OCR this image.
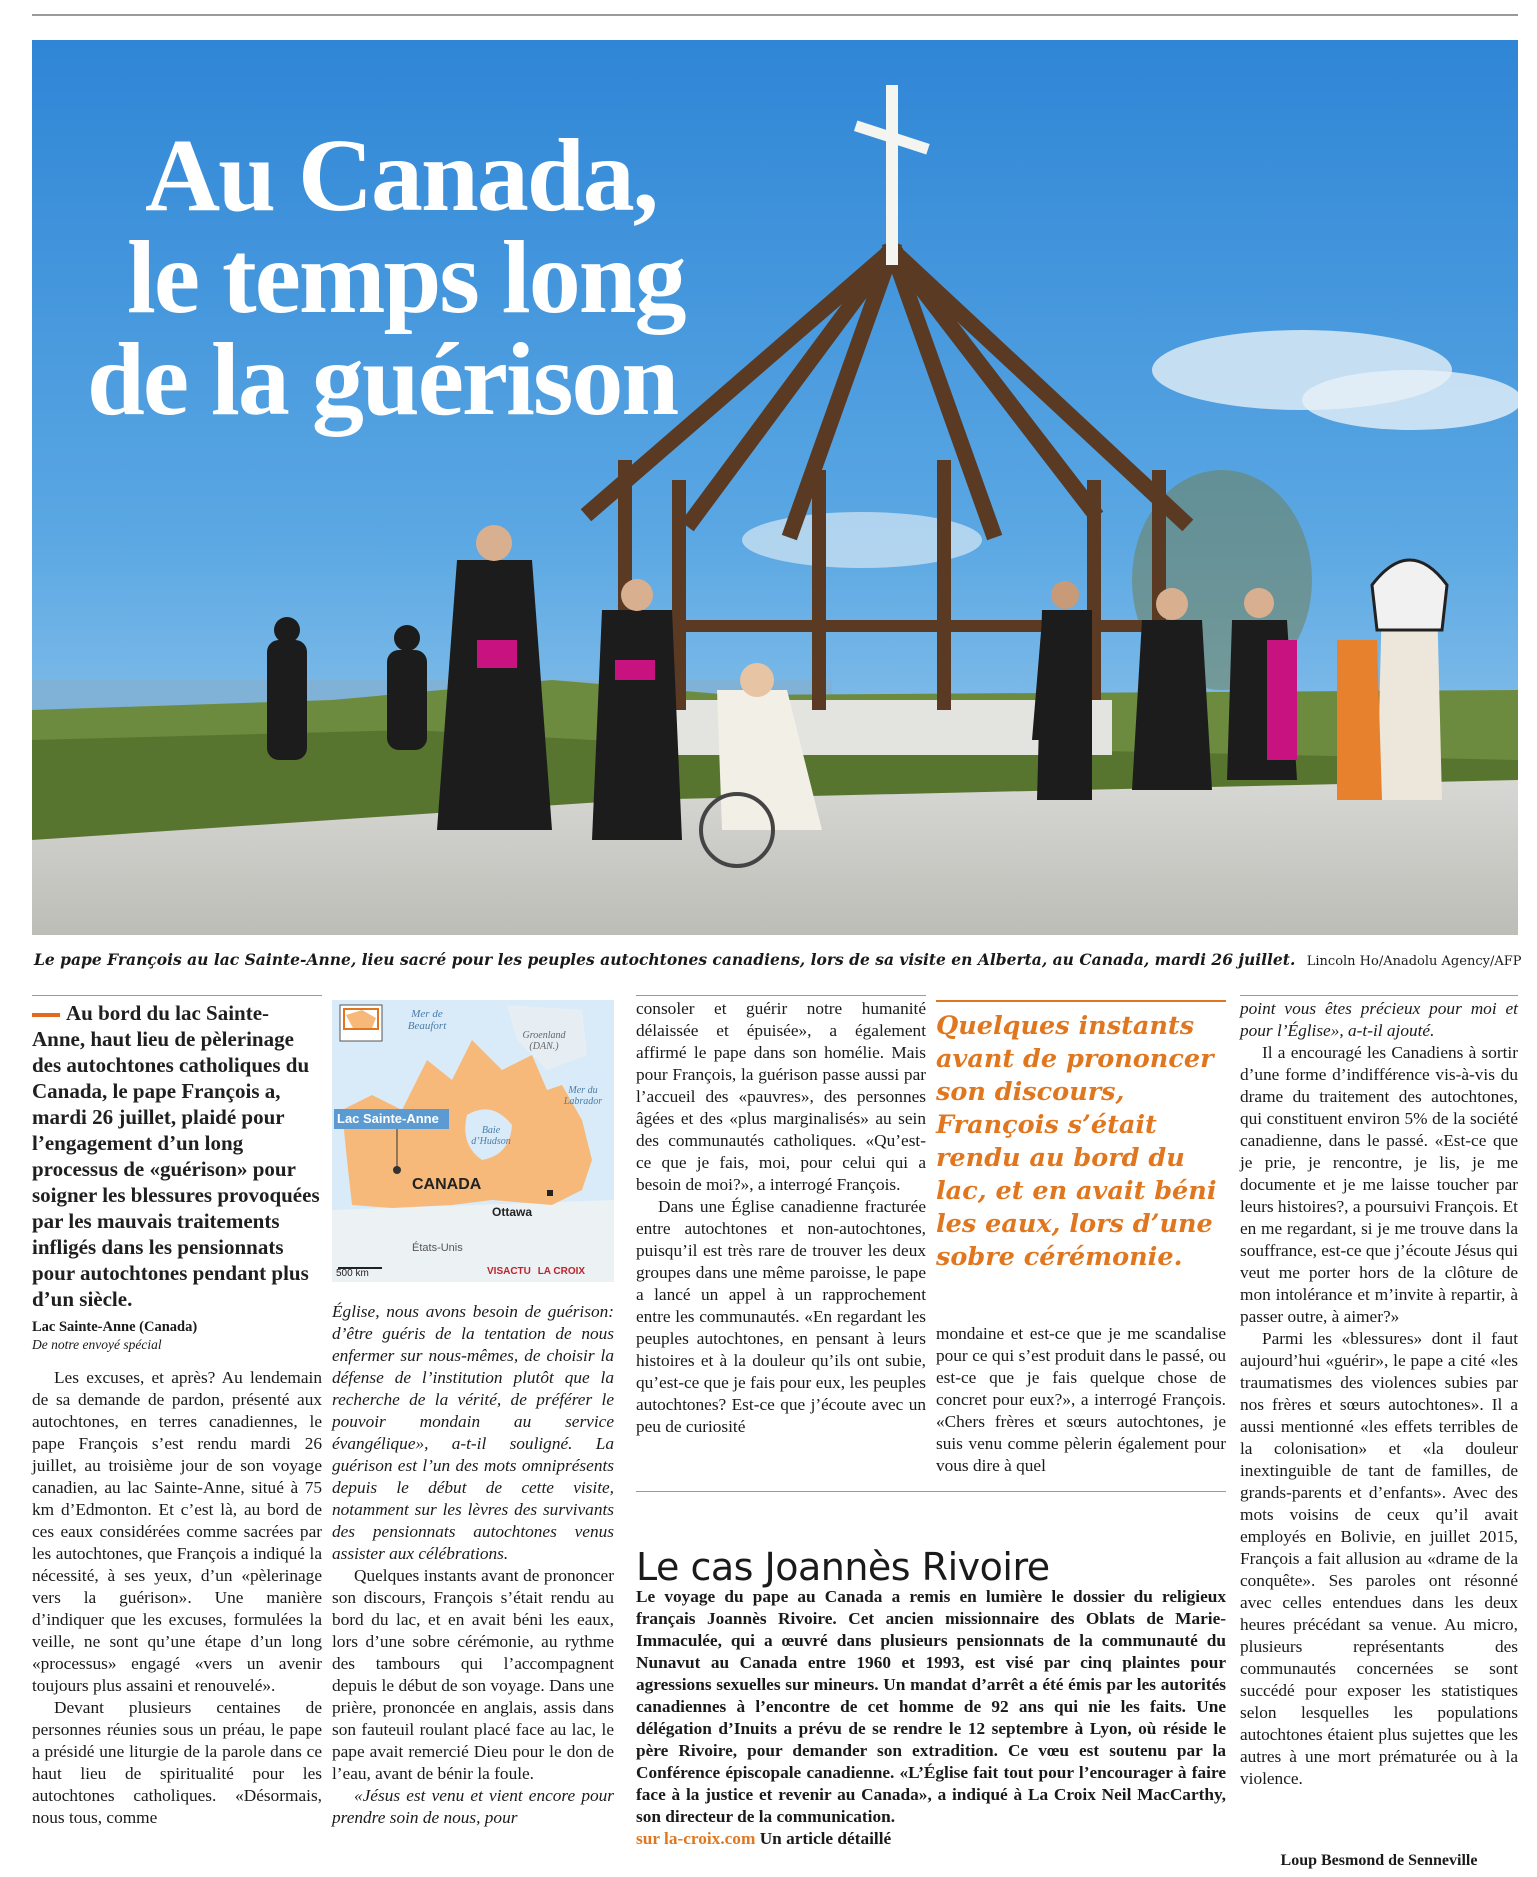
Au Canada,
le temps long
de la guérison
Le pape François au lac Sainte-Anne, lieu sacré pour les peuples autochtones canadiens, lors de sa visite en Alberta, au Canada, mardi 26 juillet. Lincoln Ho/Anadolu Agency/AFP
Au bord du lac Sainte-Anne, haut lieu de pèlerinage des autochtones catholiques du Canada, le pape François a, mardi 26 juillet, plaidé pour l’engagement d’un long processus de «guérison» pour soigner les blessures provoquées par les mauvais traitements infligés dans les pensionnats pour autochtones pendant plus d’un siècle.
Lac Sainte-Anne (Canada)
De notre envoyé spécial
Lac Sainte-Anne
CANADA
Ottawa
Mer de Beaufort
Groenland (DAN.)
Mer du Labrador
Baie d’Hudson
États-Unis
500 km	VISACTU LA CROIX

Les excuses, et après? Au lendemain de sa demande de pardon, présenté aux autochtones, en terres canadiennes, le pape François s’est rendu mardi 26 juillet, au troisième jour de son voyage canadien, au lac Sainte-Anne, situé à 75 km d’Edmonton. Et c’est là, au bord de ces eaux considérées comme sacrées par les autochtones, que François a indiqué la nécessité, à ses yeux, d’un «pèlerinage vers la guérison». Une manière d’indiquer que les excuses, formulées la veille, ne sont qu’une étape d’un long «processus» engagé «vers un avenir toujours plus assaini et renouvelé».

Devant plusieurs centaines de personnes réunies sous un préau, le pape a présidé une liturgie de la parole dans ce haut lieu de spiritualité pour les autochtones catholiques. «Désormais, nous tous, comme

Église, nous avons besoin de guérison: d’être guéris de la tentation de nous enfermer sur nous-mêmes, de choisir la défense de l’institution plutôt que la recherche de la vérité, de préférer le pouvoir mondain au service évangélique», a-t-il souligné. La guérison est l’un des mots omniprésents depuis le début de cette visite, notamment sur les lèvres des survivants des pensionnats autochtones venus assister aux célébrations.

Quelques instants avant de prononcer son discours, François s’était rendu au bord du lac, et en avait béni les eaux, lors d’une sobre cérémonie, au rythme des tambours qui l’accompagnent depuis le début de son voyage. Dans une prière, prononcée en anglais, assis dans son fauteuil roulant placé face au lac, le pape avait remercié Dieu pour le don de l’eau, avant de bénir la foule.

«Jésus est venu et vient encore pour prendre soin de nous, pour

consoler et guérir notre humanité délaissée et épuisée», a également affirmé le pape dans son homélie. Mais pour François, la guérison passe aussi par l’accueil des «pauvres», des personnes âgées et des «plus marginalisés» au sein des communautés catholiques. «Qu’est-ce que je fais, moi, pour celui qui a besoin de moi?», a interrogé François.

Dans une Église canadienne fracturée entre autochtones et non-autochtones, puisqu’il est très rare de trouver les deux groupes dans une même paroisse, le pape a lancé un appel à un rapprochement entre les communautés. «En regardant les peuples autochtones, en pensant à leurs histoires et à la douleur qu’ils ont subie, qu’est-ce que je fais pour eux, les peuples autochtones? Est-ce que j’écoute avec un peu de curiosité

Quelques instants avant de prononcer son discours, François s’était rendu au bord du lac, et en avait béni les eaux, lors d’une sobre cérémonie.

mondaine et est-ce que je me scandalise pour ce qui s’est produit dans le passé, ou est-ce que je fais quelque chose de concret pour eux?», a interrogé François. «Chers frères et sœurs autochtones, je suis venu comme pèlerin également pour vous dire à quel

point vous êtes précieux pour moi et pour l’Église», a-t-il ajouté.

Il a encouragé les Canadiens à sortir d’une forme d’indifférence vis-à-vis du drame du traitement des autochtones, qui constituent environ 5% de la société canadienne, dans le passé. «Est-ce que je prie, je rencontre, je lis, je me documente et je me laisse toucher par leurs histoires?, a poursuivi François. Et en me regardant, si je me trouve dans la souffrance, est-ce que j’écoute Jésus qui veut me porter hors de la clôture de mon intolérance et m’invite à repartir, à passer outre, à aimer?»

Parmi les «blessures» dont il faut aujourd’hui «guérir», le pape a cité «les traumatismes des violences subies par nos frères et sœurs autochtones». Il a aussi mentionné «les effets terribles de la colonisation» et «la douleur inextinguible de tant de familles, de grands-parents et d’enfants». Avec des mots voisins de ceux qu’il avait employés en Bolivie, en juillet 2015, François a fait allusion au «drame de la conquête». Ses paroles ont résonné avec celles entendues dans les deux heures précédant sa venue. Au micro, plusieurs représentants des communautés concernées se sont succédé pour exposer les statistiques selon lesquelles les populations autochtones étaient plus sujettes que les autres à une mort prématurée ou à la violence.

Loup Besmond de Senneville
Le cas Joannès Rivoire
Le voyage du pape au Canada a remis en lumière le dossier du religieux français Joannès Rivoire. Cet ancien missionnaire des Oblats de Marie-Immaculée, qui a œuvré dans plusieurs pensionnats de la communauté du Nunavut au Canada entre 1960 et 1993, est visé par cinq plaintes pour agressions sexuelles sur mineurs. Un mandat d’arrêt a été émis par les autorités canadiennes à l’encontre de cet homme de 92 ans qui nie les faits. Une délégation d’Inuits a prévu de se rendre le 12 septembre à Lyon, où réside le père Rivoire, pour demander son extradition. Ce vœu est soutenu par la Conférence épiscopale canadienne. «L’Église fait tout pour l’encourager à faire face à la justice et revenir au Canada», a indiqué à La Croix Neil MacCarthy, son directeur de la communication.
sur la-croix.com Un article détaillé
